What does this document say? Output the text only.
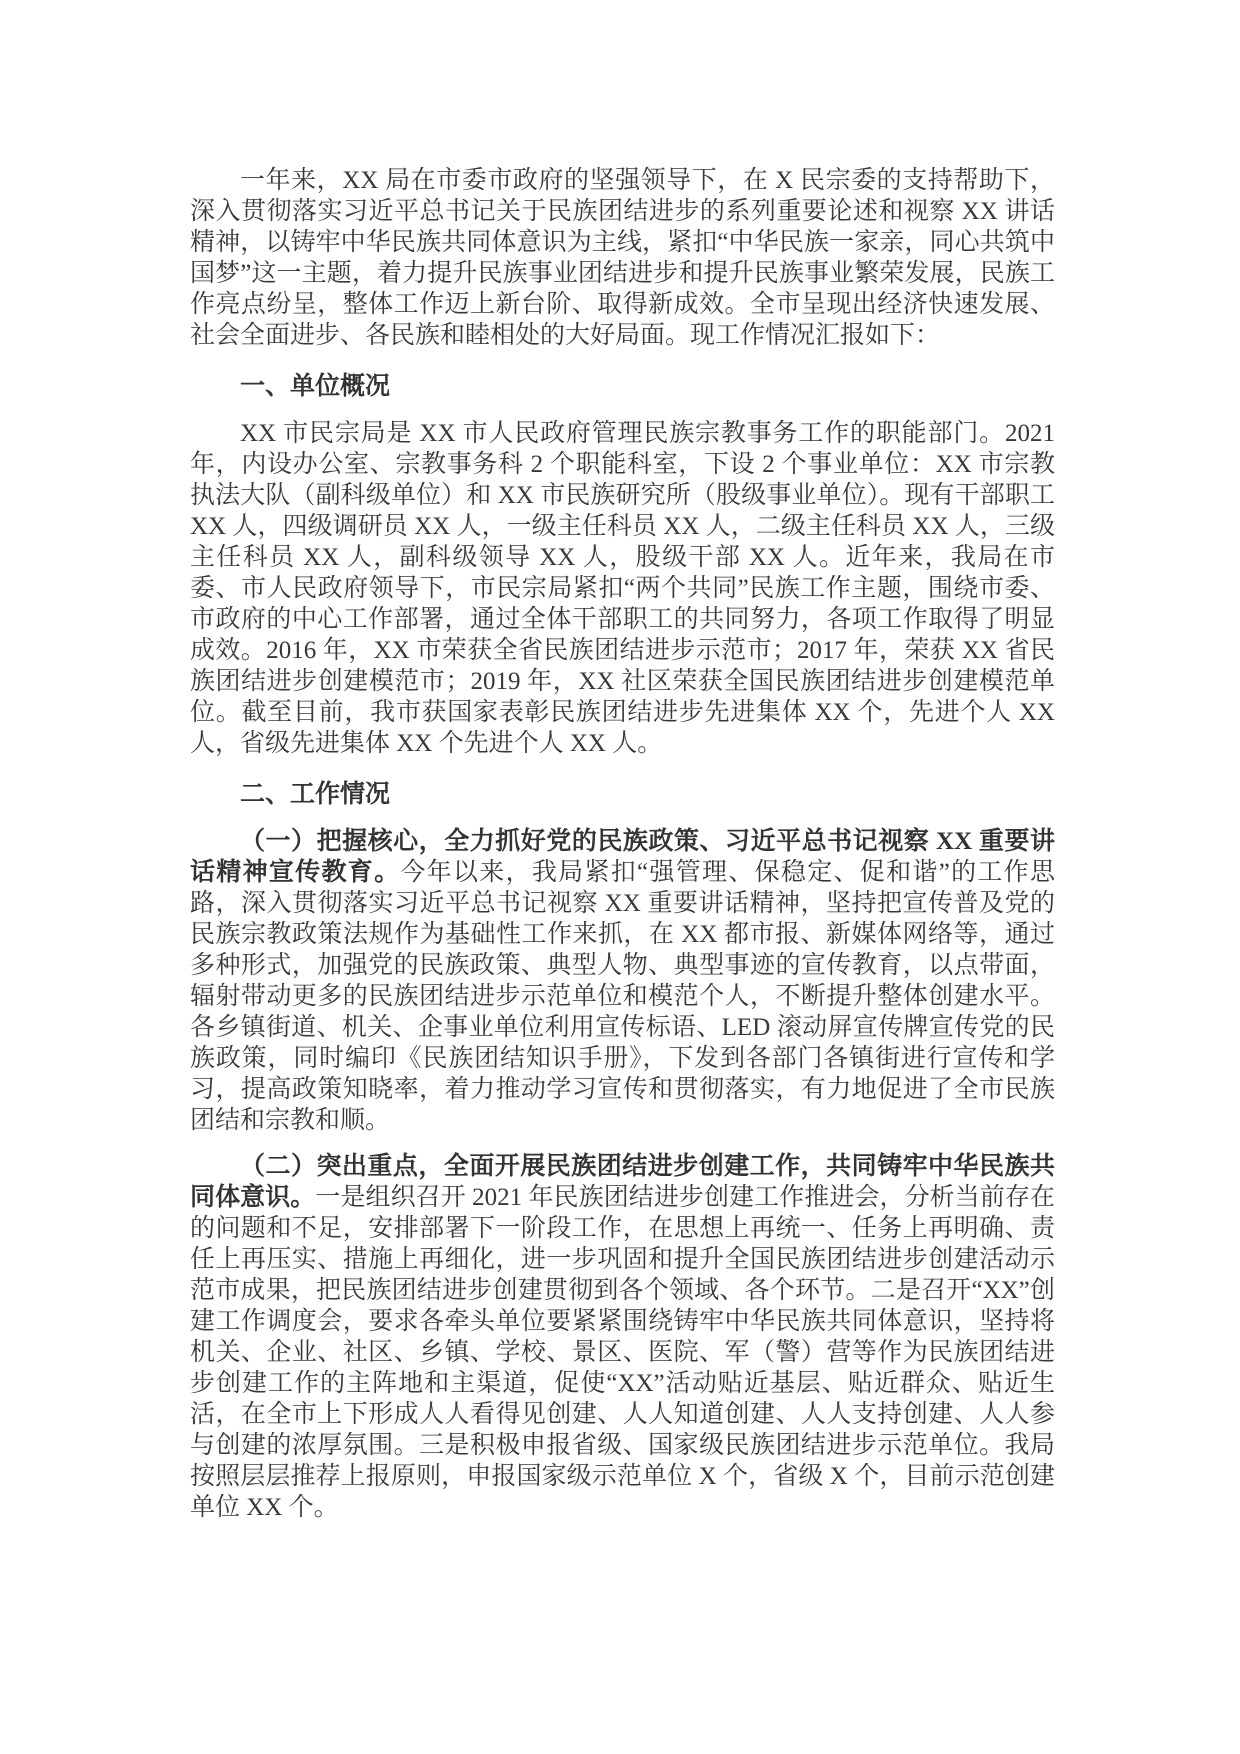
一年来，XX 局在市委市政府的坚强领导下，在 X 民宗委的支持帮助下，深入贯彻落实习近平总书记关于民族团结进步的系列重要论述和视察 XX 讲话精神，以铸牢中华民族共同体意识为主线，紧扣“中华民族一家亲，同心共筑中国梦”这一主题，着力提升民族事业团结进步和提升民族事业繁荣发展，民族工作亮点纷呈，整体工作迈上新台阶、取得新成效。全市呈现出经济快速发展、社会全面进步、各民族和睦相处的大好局面。现工作情况汇报如下：

一、单位概况

XX 市民宗局是 XX 市人民政府管理民族宗教事务工作的职能部门。2021 年，内设办公室、宗教事务科 2 个职能科室，下设 2 个事业单位：XX 市宗教执法大队（副科级单位）和 XX 市民族研究所（股级事业单位）。现有干部职工 XX 人，四级调研员 XX 人，一级主任科员 XX 人，二级主任科员 XX 人，三级主任科员 XX 人，副科级领导 XX 人，股级干部 XX 人。近年来，我局在市委、市人民政府领导下，市民宗局紧扣“两个共同”民族工作主题，围绕市委、市政府的中心工作部署，通过全体干部职工的共同努力，各项工作取得了明显成效。2016 年，XX 市荣获全省民族团结进步示范市；2017 年，荣获 XX 省民族团结进步创建模范市；2019 年，XX 社区荣获全国民族团结进步创建模范单位。截至目前，我市获国家表彰民族团结进步先进集体 XX 个，先进个人 XX 人，省级先进集体 XX 个先进个人 XX 人。

二、工作情况

（一）把握核心，全力抓好党的民族政策、习近平总书记视察 XX 重要讲话精神宣传教育。今年以来，我局紧扣“强管理、保稳定、促和谐”的工作思路，深入贯彻落实习近平总书记视察 XX 重要讲话精神，坚持把宣传普及党的民族宗教政策法规作为基础性工作来抓，在 XX 都市报、新媒体网络等，通过多种形式，加强党的民族政策、典型人物、典型事迹的宣传教育，以点带面，辐射带动更多的民族团结进步示范单位和模范个人，不断提升整体创建水平。各乡镇街道、机关、企事业单位利用宣传标语、LED 滚动屏宣传牌宣传党的民族政策，同时编印《民族团结知识手册》，下发到各部门各镇街进行宣传和学习，提高政策知晓率，着力推动学习宣传和贯彻落实，有力地促进了全市民族团结和宗教和顺。

（二）突出重点，全面开展民族团结进步创建工作，共同铸牢中华民族共同体意识。一是组织召开 2021 年民族团结进步创建工作推进会，分析当前存在的问题和不足，安排部署下一阶段工作，在思想上再统一、任务上再明确、责任上再压实、措施上再细化，进一步巩固和提升全国民族团结进步创建活动示范市成果，把民族团结进步创建贯彻到各个领域、各个环节。二是召开“XX”创建工作调度会，要求各牵头单位要紧紧围绕铸牢中华民族共同体意识，坚持将机关、企业、社区、乡镇、学校、景区、医院、军（警）营等作为民族团结进步创建工作的主阵地和主渠道，促使“XX”活动贴近基层、贴近群众、贴近生活，在全市上下形成人人看得见创建、人人知道创建、人人支持创建、人人参与创建的浓厚氛围。三是积极申报省级、国家级民族团结进步示范单位。我局按照层层推荐上报原则，申报国家级示范单位 X 个，省级 X 个，目前示范创建单位 XX 个。
